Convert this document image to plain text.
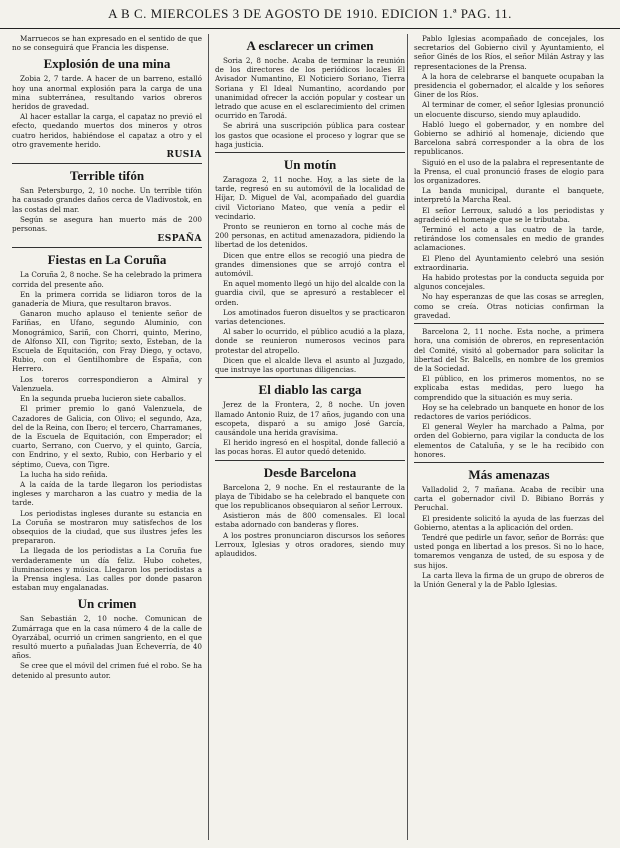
A B C. MIERCOLES 3 DE AGOSTO DE 1910. EDICION 1.ª PAG. 11.

Marruecos se han expresado en el sentido de que no se conseguirá que Francia les dispense.

Explosión de una mina

Zobia 2, 7 tarde. A hacer de un barreno, estalló hoy una anormal explosión para la carga de una mina subterránea, resultando varios obreros heridos de gravedad.

Al hacer estallar la carga, el capataz no previó el efecto, quedando muertos dos mineros y otros cuatro heridos, habiéndose el capataz a otro y el otro gravemente herido.

RUSIA
Terrible tifón

San Petersburgo, 2, 10 noche. Un terrible tifón ha causado grandes daños cerca de Vladivostok, en las costas del mar.

Según se asegura han muerto más de 200 personas.

ESPAÑA
Fiestas en La Coruña

La Coruña 2, 8 noche. Se ha celebrado la primera corrida del presente año.

En la primera corrida se lidiaron toros de la ganadería de Miura, que resultaron bravos.

Ganaron mucho aplauso el teniente señor de Fariñas, en Ufano, segundo Aluminio, con Monográmico, Sariñ, con Chorri, quinto, Merino, de Alfonso XII, con Tigrito; sexto, Esteban, de la Escuela de Equitación, con Fray Diego, y octavo, Rubio, con el Gentilhombre de España, con Herrero.

Los toreros correspondieron a Almiral y Valenzuela.

En la segunda prueba lucieron siete caballos.

El primer premio lo ganó Valenzuela, de Cazadores de Galicia, con Olivo; el segundo, Aza, del de la Reina, con Ibero; el tercero, Charramanes, de la Escuela de Equitación, con Emperador; el cuarto, Serrano, con Cuervo, y el quinto, García, con Endrino, y el sexto, Rubio, con Herbario y el séptimo, Cueva, con Tigre.

La lucha ha sido reñida.

A la caída de la tarde llegaron los periodistas ingleses y marcharon a las cuatro y media de la tarde.

Los periodistas ingleses durante su estancia en La Coruña se mostraron muy satisfechos de los obsequios de la ciudad, que sus ilustres jefes les prepararon.

La llegada de los periodistas a La Coruña fue verdaderamente un día feliz. Hubo cohetes, iluminaciones y música. Llegaron los periodistas a la Prensa inglesa. Las calles por donde pasaron estaban muy engalanadas.

Un crimen

San Sebastián 2, 10 noche. Comunican de Zumárraga que en la casa número 4 de la calle de Oyarzábal, ocurrió un crimen sangriento, en el que resultó muerto a puñaladas Juan Echeverría, de 40 años.

Se cree que el móvil del crimen fué el robo. Se ha detenido al presunto autor.

A esclarecer un crimen

Soria 2, 8 noche. Acaba de terminar la reunión de los directores de los periódicos locales El Avisador Numantino, El Noticiero Soriano, Tierra Soriana y El Ideal Numantino, acordando por unanimidad ofrecer la acción popular y costear un letrado que acuse en el esclarecimiento del crimen ocurrido en Tarodá.

Se abrirá una suscripción pública para costear los gastos que ocasione el proceso y lograr que se haga justicia.

Un motín

Zaragoza 2, 11 noche. Hoy, a las siete de la tarde, regresó en su automóvil de la localidad de Híjar, D. Miguel de Val, acompañado del guardia civil Victoriano Mateo, que venía a pedir el vecindario.

Pronto se reunieron en torno al coche más de 200 personas, en actitud amenazadora, pidiendo la libertad de los detenidos.

Dicen que entre ellos se recogió una piedra de grandes dimensiones que se arrojó contra el automóvil.

En aquel momento llegó un hijo del alcalde con la guardia civil, que se apresuró a restablecer el orden.

Los amotinados fueron disueltos y se practicaron varias detenciones.

Al saber lo ocurrido, el público acudió a la plaza, donde se reunieron numerosos vecinos para protestar del atropello.

Dicen que el alcalde lleva el asunto al Juzgado, que instruye las oportunas diligencias.

El diablo las carga

Jerez de la Frontera, 2, 8 noche. Un joven llamado Antonio Ruiz, de 17 años, jugando con una escopeta, disparó a su amigo José García, causándole una herida gravísima.

El herido ingresó en el hospital, donde falleció a las pocas horas. El autor quedó detenido.

Desde Barcelona

Barcelona 2, 9 noche. En el restaurante de la playa de Tibidabo se ha celebrado el banquete con que los republicanos obsequiaron al señor Lerroux.

Asistieron más de 800 comensales. El local estaba adornado con banderas y flores.

A los postres pronunciaron discursos los señores Lerroux, Iglesias y otros oradores, siendo muy aplaudidos.

Pablo Iglesias acompañado de concejales, los secretarios del Gobierno civil y Ayuntamiento, el señor Ginés de los Ríos, el señor Milán Astray y las representaciones de la Prensa.

A la hora de celebrarse el banquete ocupaban la presidencia el gobernador, el alcalde y los señores Giner de los Ríos.

Al terminar de comer, el señor Iglesias pronunció un elocuente discurso, siendo muy aplaudido.

Habló luego el gobernador, y en nombre del Gobierno se adhirió al homenaje, diciendo que Barcelona sabrá corresponder a la obra de los republicanos.

Siguió en el uso de la palabra el representante de la Prensa, el cual pronunció frases de elogio para los organizadores.

La banda municipal, durante el banquete, interpretó la Marcha Real.

El señor Lerroux, saludó a los periodistas y agradeció el homenaje que se le tributaba.

Terminó el acto a las cuatro de la tarde, retirándose los comensales en medio de grandes aclamaciones.

El Pleno del Ayuntamiento celebró una sesión extraordinaria.

Ha habido protestas por la conducta seguida por algunos concejales.

No hay esperanzas de que las cosas se arreglen, como se creía. Otras noticias confirman la gravedad.

Barcelona 2, 11 noche. Esta noche, a primera hora, una comisión de obreros, en representación del Comité, visitó al gobernador para solicitar la libertad del Sr. Balcells, en nombre de los gremios de la Sociedad.

El público, en los primeros momentos, no se explicaba estas medidas, pero luego ha comprendido que la situación es muy seria.

Hoy se ha celebrado un banquete en honor de los redactores de varios periódicos.

El general Weyler ha marchado a Palma, por orden del Gobierno, para vigilar la conducta de los elementos de Cataluña, y se le ha recibido con honores.

Más amenazas

Valladolid 2, 7 mañana. Acaba de recibir una carta el gobernador civil D. Bibiano Borrás y Peruchal.

El presidente solicitó la ayuda de las fuerzas del Gobierno, atentas a la aplicación del orden.

Tendré que pedirle un favor, señor de Borrás: que usted ponga en libertad a los presos. Si no lo hace, tomaremos venganza de usted, de su esposa y de sus hijos.

La carta lleva la firma de un grupo de obreros de la Unión General y la de Pablo Iglesias.
